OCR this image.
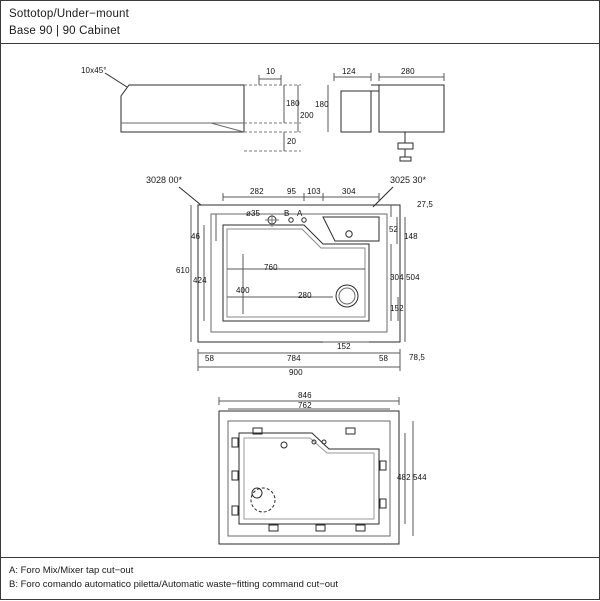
Sottotop/Under−mount
Base 90 | 90 Cabinet
A: Foro Mix/Mixer tap cut−out
B: Foro comando automatico piletta/Automatic waste−fitting command cut−out
10x45°	10
180
200
20
124	280
180
3028 00*	3025 30*
282	95 103	304
27,5
ø35	B A
46
52
148
610
424
400
760
280
304 504
152
152
58	784	58
900
78,5
846
762
482 544
